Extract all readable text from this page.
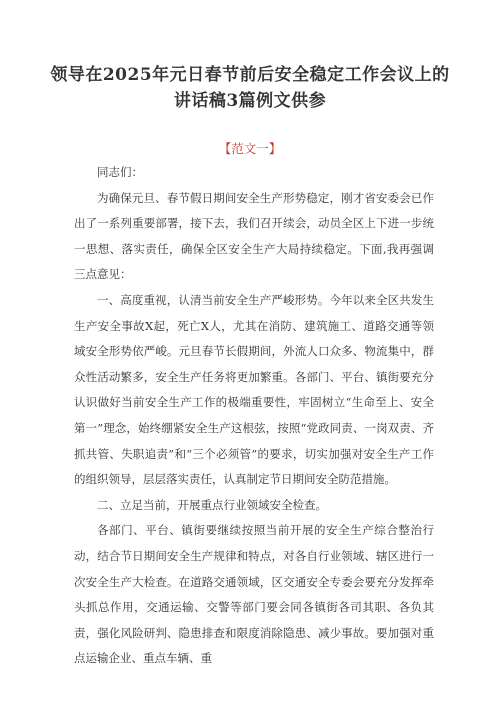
领导在2025年元日春节前后安全稳定工作会议上的
讲话稿3篇例文供参
【范文一】

同志们：

为确保元旦、春节假日期间安全生产形势稳定，刚才省安委会已作出了一系列重要部署，接下去，我们召开续会，动员全区上下进一步统一思想、落实责任，确保全区安全生产大局持续稳定。下面,我再强调三点意见：

一、高度重视，认清当前安全生产严峻形势。今年以来全区共发生生产安全事故X起，死亡X人，尤其在消防、建筑施工、道路交通等领域安全形势依严峻。元旦春节长假期间，外流人口众多、物流集中，群众性活动繁多，安全生产任务将更加繁重。各部门、平台、镇街要充分认识做好当前安全生产工作的极端重要性，牢固树立“生命至上、安全第一”理念，始终绷紧安全生产这根弦，按照“党政同责、一岗双责、齐抓共管、失职追责”和“三个必须管”的要求，切实加强对安全生产工作的组织领导，层层落实责任，认真制定节日期间安全防范措施。

二、立足当前，开展重点行业领域安全检查。

各部门、平台、镇街要继续按照当前开展的安全生产综合整治行动，结合节日期间安全生产规律和特点，对各自行业领域、辖区进行一次安全生产大检查。在道路交通领域，区交通安全专委会要充分发挥牵头抓总作用，交通运输、交警等部门要会同各镇街各司其职、各负其责，强化风险研判、隐患排查和限度消除隐患、减少事故。要加强对重点运输企业、重点车辆、重
